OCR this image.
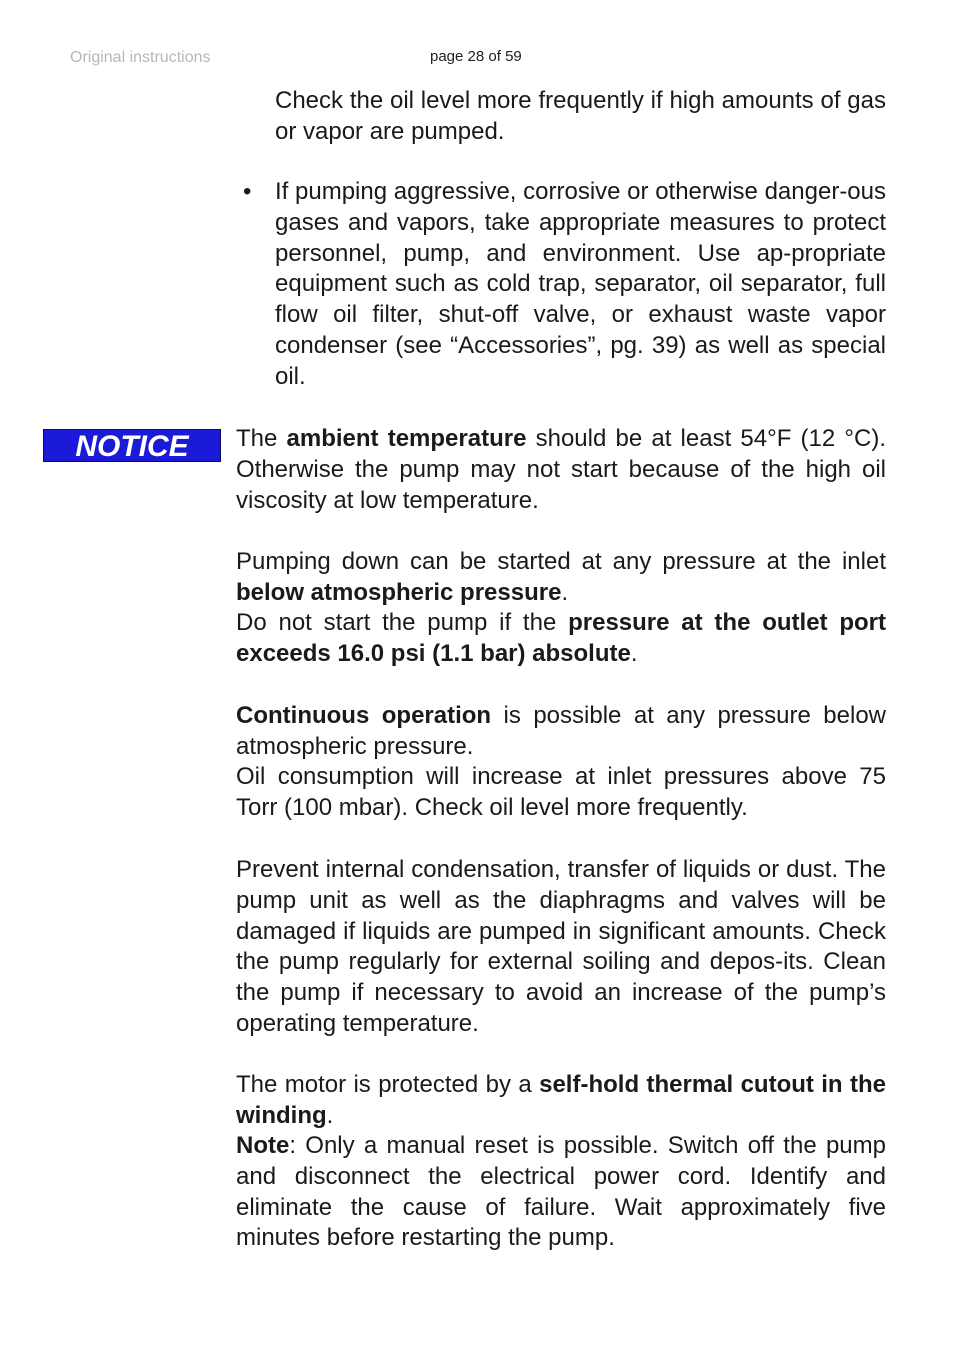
Original instructions	page 28 of 59

Check the oil level more frequently if high amounts of gas or vapor are pumped.

• If pumping aggressive, corrosive or otherwise danger-ous gases and vapors, take appropriate measures to protect personnel, pump, and environment. Use ap-propriate equipment such as cold trap, separator, oil separator, full flow oil filter, shut-off valve, or exhaust waste vapor condenser (see “Accessories”, pg. 39) as well as special oil.

NOTICE	The ambient temperature should be at least 54°F (12 °C). Otherwise the pump may not start because of the high oil viscosity at low temperature.

Pumping down can be started at any pressure at the inlet below atmospheric pressure.

Do not start the pump if the pressure at the outlet port exceeds 16.0 psi (1.1 bar) absolute.

Continuous operation is possible at any pressure below atmospheric pressure.

Oil consumption will increase at inlet pressures above 75 Torr (100 mbar). Check oil level more frequently.

Prevent internal condensation, transfer of liquids or dust. The pump unit as well as the diaphragms and valves will be damaged if liquids are pumped in significant amounts. Check the pump regularly for external soiling and depos-its. Clean the pump if necessary to avoid an increase of the pump’s operating temperature.

The motor is protected by a self-hold thermal cutout in the winding.

Note: Only a manual reset is possible. Switch off the pump and disconnect the electrical power cord. Identify and eliminate the cause of failure. Wait approximately five minutes before restarting the pump.
